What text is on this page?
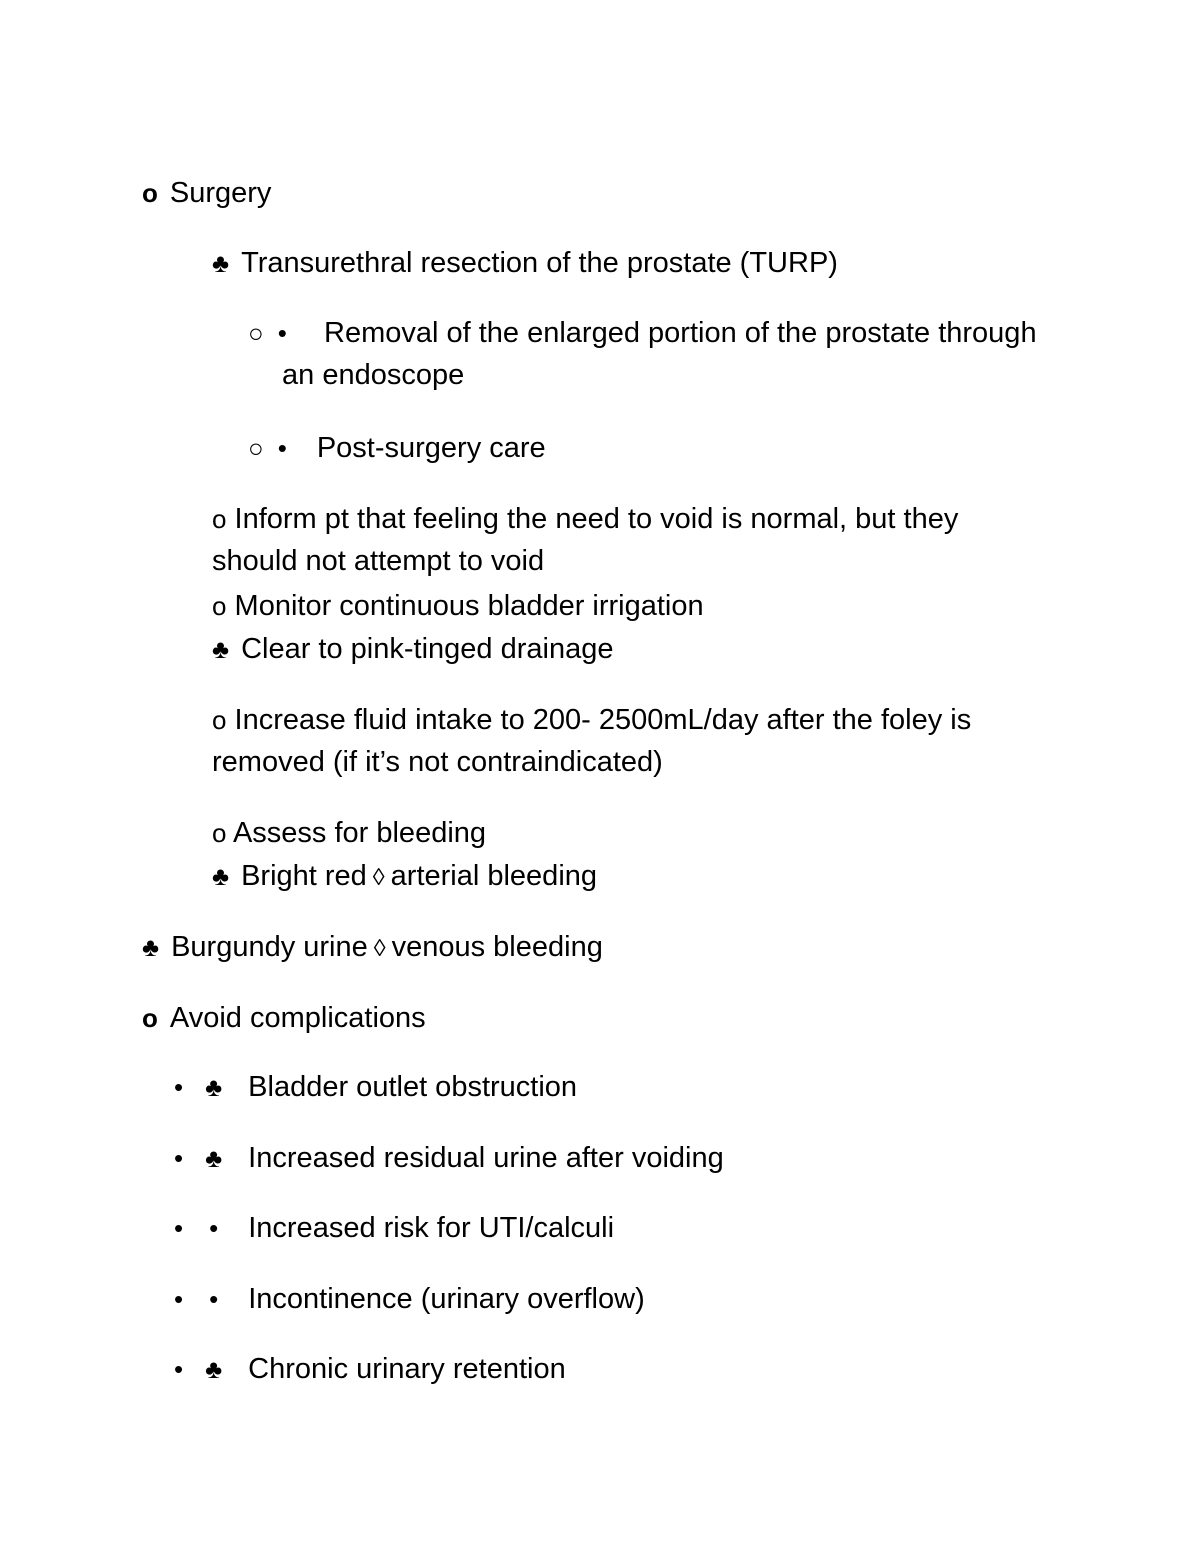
o Surgery
♣ Transurethral resection of the prostate (TURP)
○ •	Removal of the enlarged portion of the prostate through an endoscope
○ • Post-surgery care
o Inform pt that feeling the need to void is normal, but they should not attempt to void
o Monitor continuous bladder irrigation
♣ Clear to pink-tinged drainage
o Increase fluid intake to 200- 2500mL/day after the foley is removed (if it’s not contraindicated)
o Assess for bleeding
♣ Bright red ◊ arterial bleeding
♣ Burgundy urine ◊ venous bleeding
o Avoid complications
• ♣ Bladder outlet obstruction
• ♣ Increased residual urine after voiding
• • Increased risk for UTI/calculi
• • Incontinence (urinary overflow)
• ♣ Chronic urinary retention
